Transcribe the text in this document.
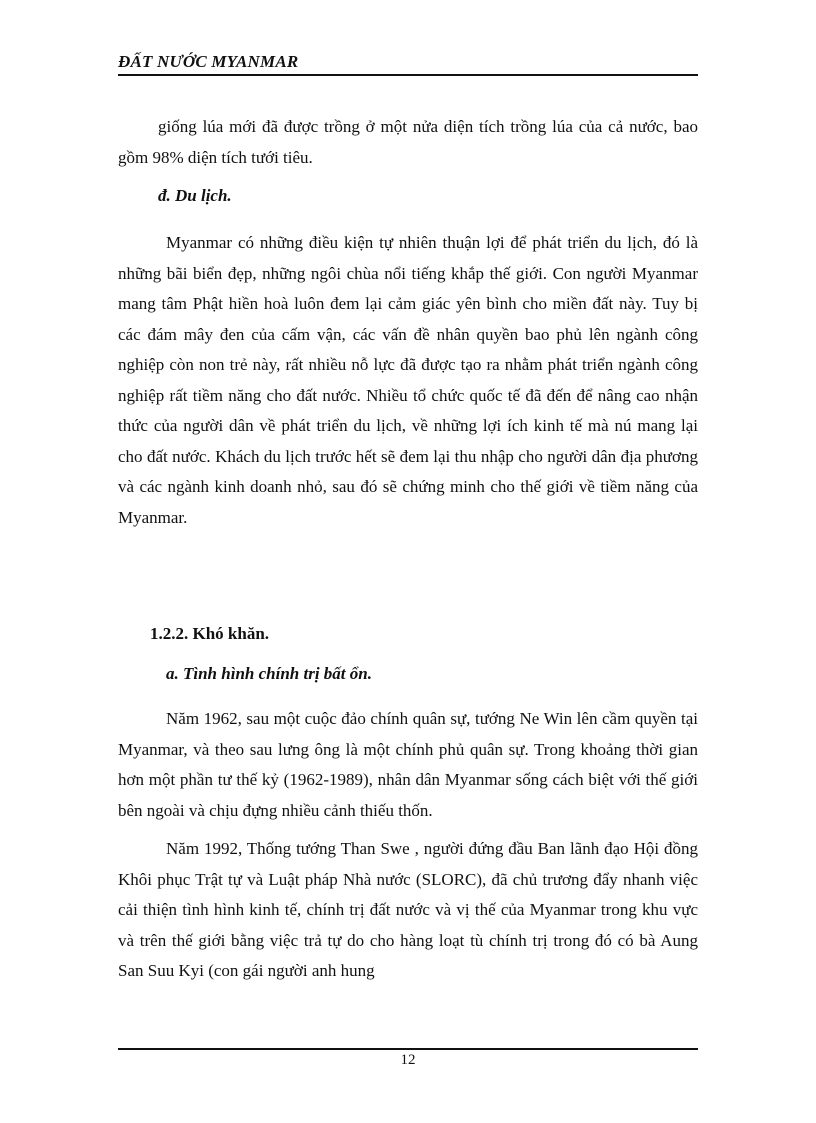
ĐẤT NƯỚC MYANMAR

giống lúa mới đã được trồng ở một nửa diện tích trồng lúa của cả nước, bao gồm 98% diện tích tưới tiêu.

đ. Du lịch.

Myanmar có những điều kiện tự nhiên thuận lợi để phát triển du lịch, đó là những bãi biển đẹp, những ngôi chùa nổi tiếng khắp thế giới. Con người Myanmar mang tâm Phật hiền hoà luôn đem lại cảm giác yên bình cho miền đất này. Tuy bị các đám mây đen của cấm vận, các vấn đề nhân quyền bao phủ lên ngành công nghiệp còn non trẻ này, rất nhiều nỗ lực đã được tạo ra nhằm phát triển ngành công nghiệp rất tiềm năng cho đất nước. Nhiều tổ chức quốc tế đã đến để nâng cao nhận thức của người dân về phát triển du lịch, về những lợi ích kinh tế mà nú mang lại cho đất nước. Khách du lịch trước hết sẽ đem lại thu nhập cho người dân địa phương và các ngành kinh doanh nhỏ, sau đó sẽ chứng minh cho thế giới về tiềm năng của Myanmar.

1.2.2. Khó khăn.

a. Tình hình chính trị bất ổn.

Năm 1962, sau một cuộc đảo chính quân sự, tướng Ne Win lên cầm quyền tại Myanmar, và theo sau lưng ông là một chính phủ quân sự. Trong khoảng thời gian hơn một phần tư thế kỷ (1962-1989), nhân dân Myanmar sống cách biệt với thế giới bên ngoài và chịu đựng nhiều cảnh thiếu thốn.

Năm 1992, Thống tướng Than Swe , người đứng đầu Ban lãnh đạo Hội đồng Khôi phục Trật tự và Luật pháp Nhà nước (SLORC), đã chủ trương đẩy nhanh việc cải thiện tình hình kinh tế, chính trị đất nước và vị thế của Myanmar trong khu vực và trên thế giới bằng việc trả tự do cho hàng loạt tù chính trị trong đó có bà Aung San Suu Kyi (con gái người anh hung

12
